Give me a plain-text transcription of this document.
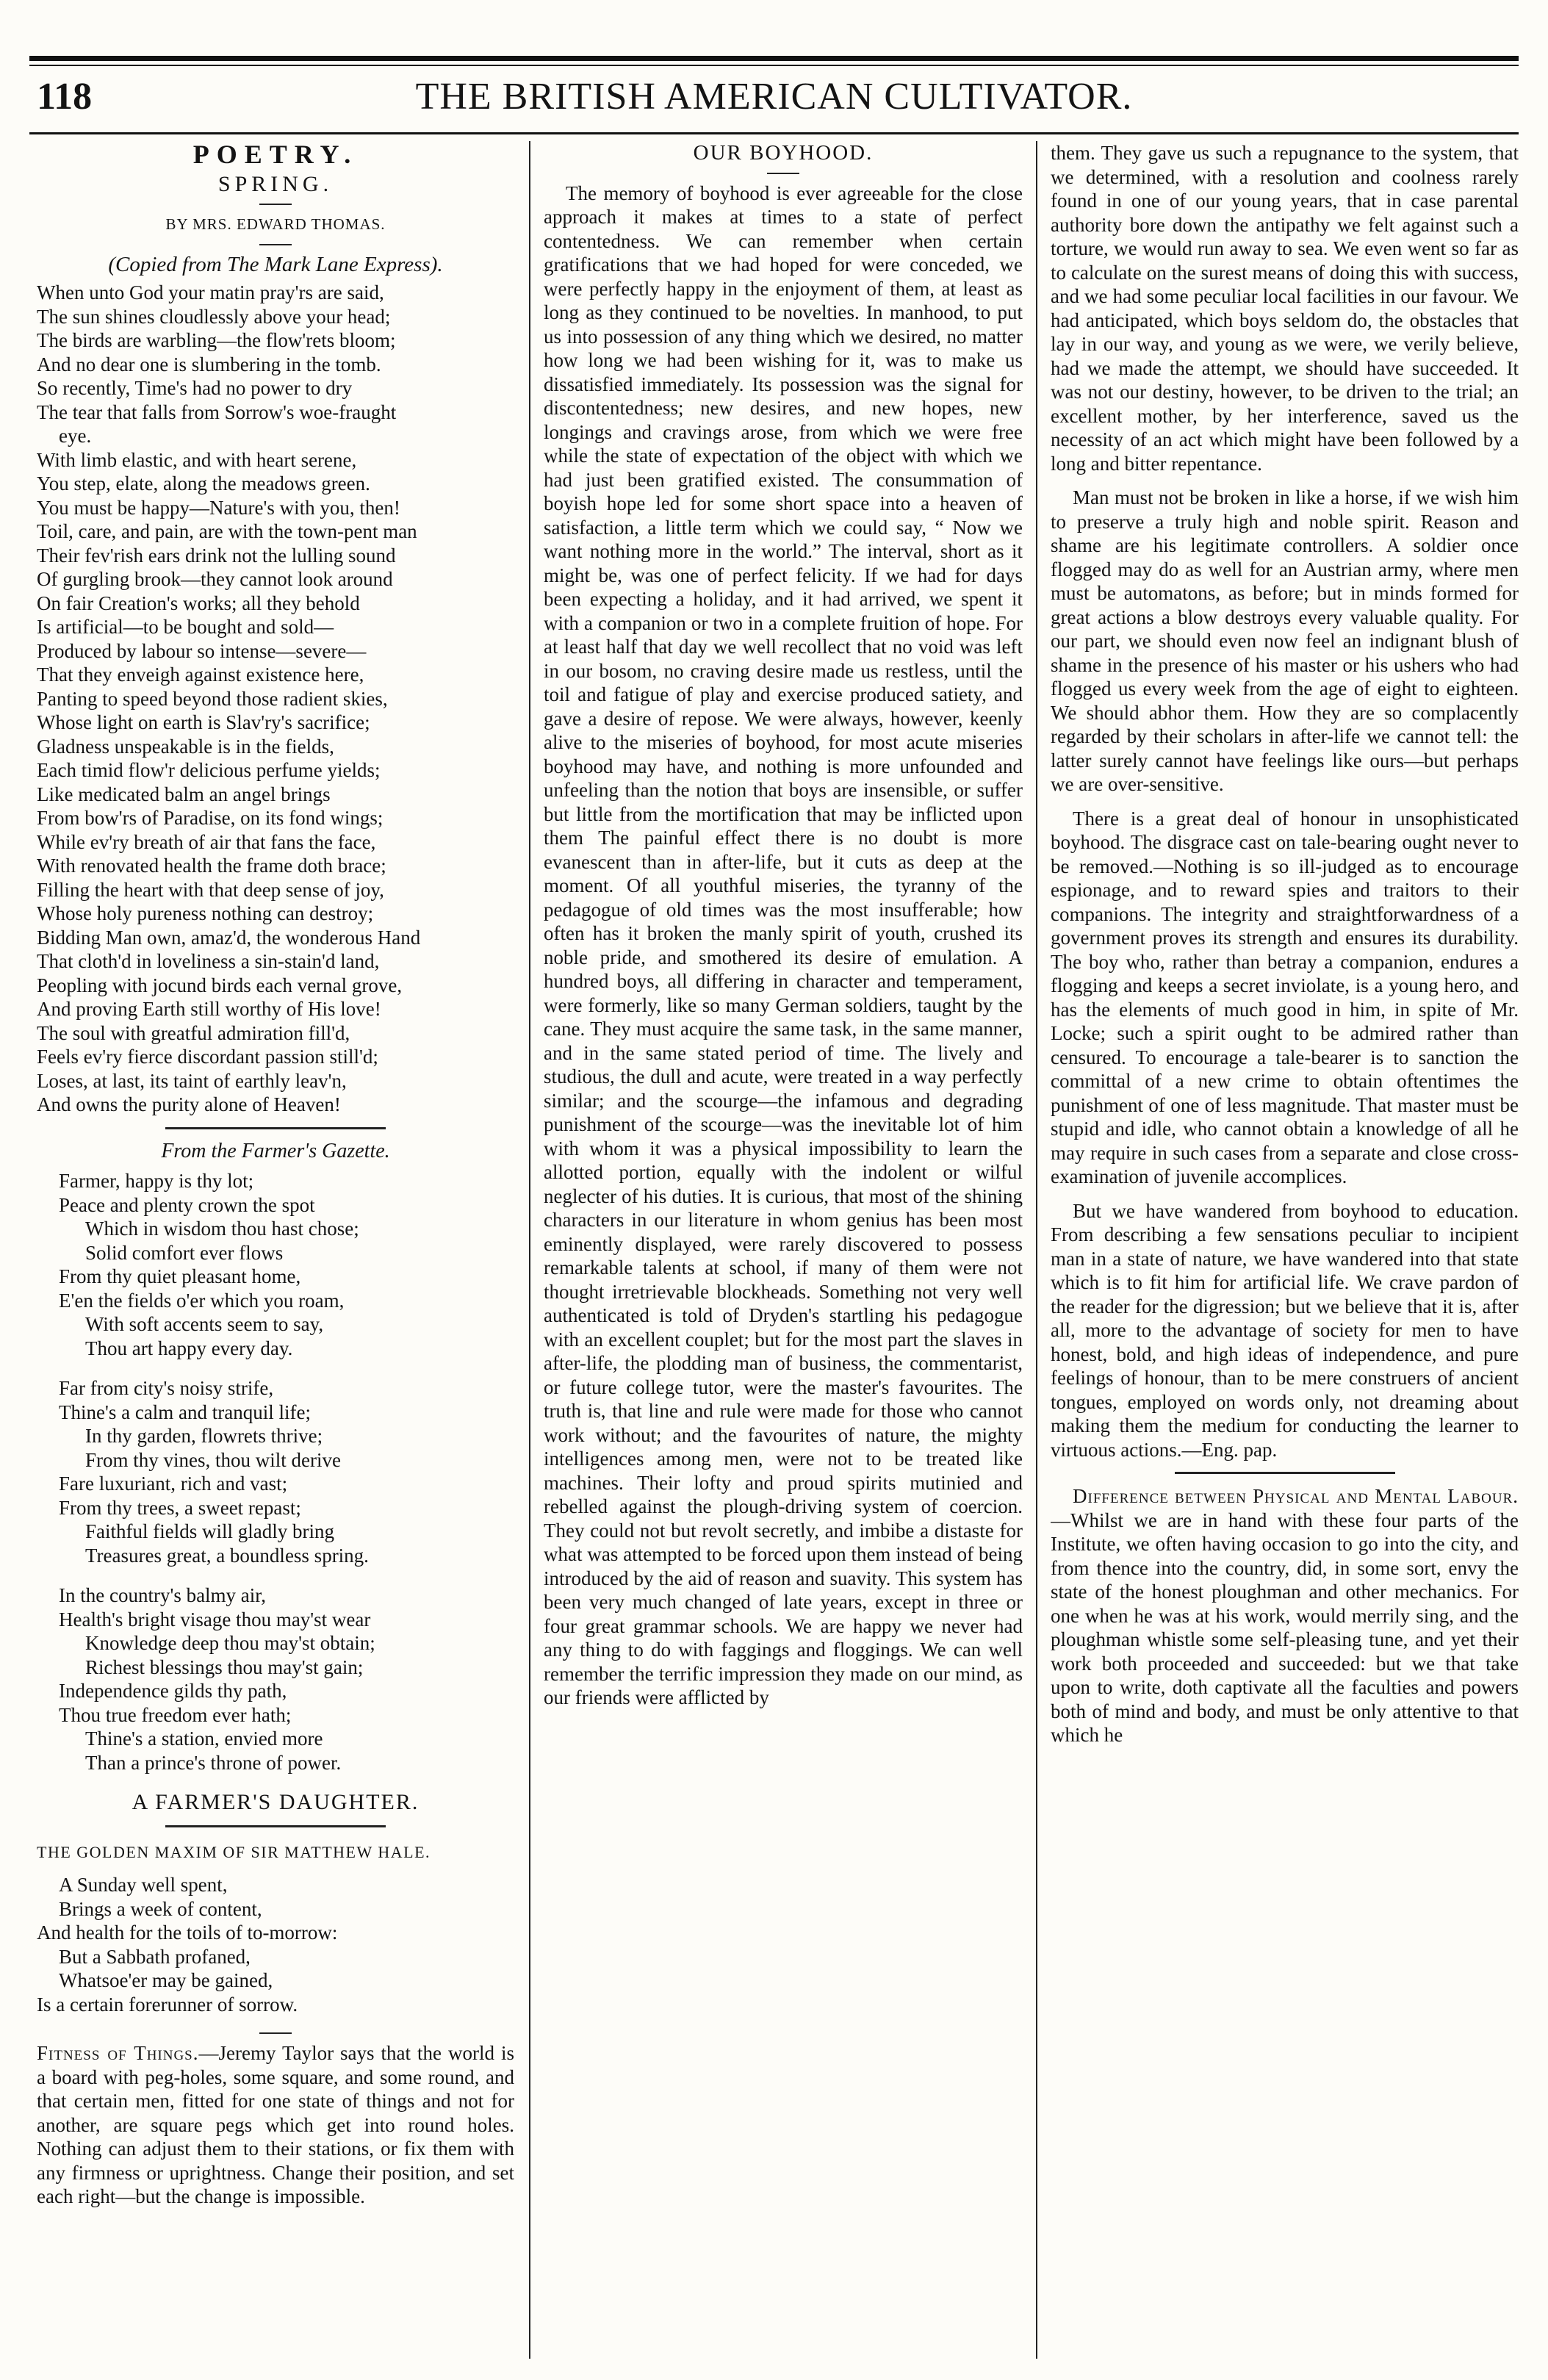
118	THE BRITISH AMERICAN CULTIVATOR.
POETRY.
SPRING.
BY MRS. EDWARD THOMAS.
(Copied from The Mark Lane Express).
When unto God your matin pray'rs are said,
The sun shines cloudlessly above your head;
The birds are warbling—the flow'rets bloom;
And no dear one is slumbering in the tomb.
So recently, Time's had no power to dry
The tear that falls from Sorrow's woe-fraught
eye.
With limb elastic, and with heart serene,
You step, elate, along the meadows green.
You must be happy—Nature's with you, then!
Toil, care, and pain, are with the town-pent man
Their fev'rish ears drink not the lulling sound
Of gurgling brook—they cannot look around
On fair Creation's works; all they behold
Is artificial—to be bought and sold—
Produced by labour so intense—severe—
That they enveigh against existence here,
Panting to speed beyond those radient skies,
Whose light on earth is Slav'ry's sacrifice;
Gladness unspeakable is in the fields,
Each timid flow'r delicious perfume yields;
Like medicated balm an angel brings
From bow'rs of Paradise, on its fond wings;
While ev'ry breath of air that fans the face,
With renovated health the frame doth brace;
Filling the heart with that deep sense of joy,
Whose holy pureness nothing can destroy;
Bidding Man own, amaz'd, the wonderous Hand
That cloth'd in loveliness a sin-stain'd land,
Peopling with jocund birds each vernal grove,
And proving Earth still worthy of His love!
The soul with greatful admiration fill'd,
Feels ev'ry fierce discordant passion still'd;
Loses, at last, its taint of earthly leav'n,
And owns the purity alone of Heaven!
From the Farmer's Gazette.
Farmer, happy is thy lot;
Peace and plenty crown the spot
Which in wisdom thou hast chose;
Solid comfort ever flows
From thy quiet pleasant home,
E'en the fields o'er which you roam,
With soft accents seem to say,
Thou art happy every day.
Far from city's noisy strife,
Thine's a calm and tranquil life;
In thy garden, flowrets thrive;
From thy vines, thou wilt derive
Fare luxuriant, rich and vast;
From thy trees, a sweet repast;
Faithful fields will gladly bring
Treasures great, a boundless spring.
In the country's balmy air,
Health's bright visage thou may'st wear
Knowledge deep thou may'st obtain;
Richest blessings thou may'st gain;
Independence gilds thy path,
Thou true freedom ever hath;
Thine's a station, envied more
Than a prince's throne of power.
A FARMER'S DAUGHTER.
THE GOLDEN MAXIM OF SIR MATTHEW HALE.
A Sunday well spent,
Brings a week of content,
And health for the toils of to-morrow:
But a Sabbath profaned,
Whatsoe'er may be gained,
Is a certain forerunner of sorrow.

Fitness of Things.—Jeremy Taylor says that the world is a board with peg-holes, some square, and some round, and that certain men, fitted for one state of things and not for another, are square pegs which get into round holes. Nothing can adjust them to their stations, or fix them with any firmness or uprightness. Change their position, and set each right—but the change is impossible.

OUR BOYHOOD.

The memory of boyhood is ever agreeable for the close approach it makes at times to a state of perfect contentedness. We can remember when certain gratifications that we had hoped for were conceded, we were perfectly happy in the enjoyment of them, at least as long as they continued to be novelties. In manhood, to put us into possession of any thing which we desired, no matter how long we had been wishing for it, was to make us dissatisfied immediately. Its possession was the signal for discontentedness; new desires, and new hopes, new longings and cravings arose, from which we were free while the state of expectation of the object with which we had just been gratified existed. The consummation of boyish hope led for some short space into a heaven of satisfaction, a little term which we could say, “ Now we want nothing more in the world.” The interval, short as it might be, was one of perfect felicity. If we had for days been expecting a holiday, and it had arrived, we spent it with a companion or two in a complete fruition of hope. For at least half that day we well recollect that no void was left in our bosom, no craving desire made us restless, until the toil and fatigue of play and exercise produced satiety, and gave a desire of repose. We were always, however, keenly alive to the miseries of boyhood, for most acute miseries boyhood may have, and nothing is more unfounded and unfeeling than the notion that boys are insensible, or suffer but little from the mortification that may be inflicted upon them The painful effect there is no doubt is more evanescent than in after-life, but it cuts as deep at the moment. Of all youthful miseries, the tyranny of the pedagogue of old times was the most insufferable; how often has it broken the manly spirit of youth, crushed its noble pride, and smothered its desire of emulation. A hundred boys, all differing in character and temperament, were formerly, like so many German soldiers, taught by the cane. They must acquire the same task, in the same manner, and in the same stated period of time. The lively and studious, the dull and acute, were treated in a way perfectly similar; and the scourge—the infamous and degrading punishment of the scourge—was the inevitable lot of him with whom it was a physical impossibility to learn the allotted portion, equally with the indolent or wilful neglecter of his duties. It is curious, that most of the shining characters in our literature in whom genius has been most eminently displayed, were rarely discovered to possess remarkable talents at school, if many of them were not thought irretrievable blockheads. Something not very well authenticated is told of Dryden's startling his pedagogue with an excellent couplet; but for the most part the slaves in after-life, the plodding man of business, the commentarist, or future college tutor, were the master's favourites. The truth is, that line and rule were made for those who cannot work without; and the favourites of nature, the mighty intelligences among men, were not to be treated like machines. Their lofty and proud spirits mutinied and rebelled against the plough-driving system of coercion. They could not but revolt secretly, and imbibe a distaste for what was attempted to be forced upon them instead of being introduced by the aid of reason and suavity. This system has been very much changed of late years, except in three or four great grammar schools. We are happy we never had any thing to do with faggings and floggings. We can well remember the terrific impression they made on our mind, as our friends were afflicted by

them. They gave us such a repugnance to the system, that we determined, with a resolution and coolness rarely found in one of our young years, that in case parental authority bore down the antipathy we felt against such a torture, we would run away to sea. We even went so far as to calculate on the surest means of doing this with success, and we had some peculiar local facilities in our favour. We had anticipated, which boys seldom do, the obstacles that lay in our way, and young as we were, we verily believe, had we made the attempt, we should have succeeded. It was not our destiny, however, to be driven to the trial; an excellent mother, by her interference, saved us the necessity of an act which might have been followed by a long and bitter repentance.

Man must not be broken in like a horse, if we wish him to preserve a truly high and noble spirit. Reason and shame are his legitimate controllers. A soldier once flogged may do as well for an Austrian army, where men must be automatons, as before; but in minds formed for great actions a blow destroys every valuable quality. For our part, we should even now feel an indignant blush of shame in the presence of his master or his ushers who had flogged us every week from the age of eight to eighteen. We should abhor them. How they are so complacently regarded by their scholars in after-life we cannot tell: the latter surely cannot have feelings like ours—but perhaps we are over-sensitive.

There is a great deal of honour in unsophisticated boyhood. The disgrace cast on tale-bearing ought never to be removed.—Nothing is so ill-judged as to encourage espionage, and to reward spies and traitors to their companions. The integrity and straightforwardness of a government proves its strength and ensures its durability. The boy who, rather than betray a companion, endures a flogging and keeps a secret inviolate, is a young hero, and has the elements of much good in him, in spite of Mr. Locke; such a spirit ought to be admired rather than censured. To encourage a tale-bearer is to sanction the committal of a new crime to obtain oftentimes the punishment of one of less magnitude. That master must be stupid and idle, who cannot obtain a knowledge of all he may require in such cases from a separate and close cross-examination of juvenile accomplices.

But we have wandered from boyhood to education. From describing a few sensations peculiar to incipient man in a state of nature, we have wandered into that state which is to fit him for artificial life. We crave pardon of the reader for the digression; but we believe that it is, after all, more to the advantage of society for men to have honest, bold, and high ideas of independence, and pure feelings of honour, than to be mere construers of ancient tongues, employed on words only, not dreaming about making them the medium for conducting the learner to virtuous actions.—Eng. pap.

Difference between Physical and Mental Labour.—Whilst we are in hand with these four parts of the Institute, we often having occasion to go into the city, and from thence into the country, did, in some sort, envy the state of the honest ploughman and other mechanics. For one when he was at his work, would merrily sing, and the ploughman whistle some self-pleasing tune, and yet their work both proceeded and succeeded: but we that take upon to write, doth captivate all the faculties and powers both of mind and body, and must be only attentive to that which he
